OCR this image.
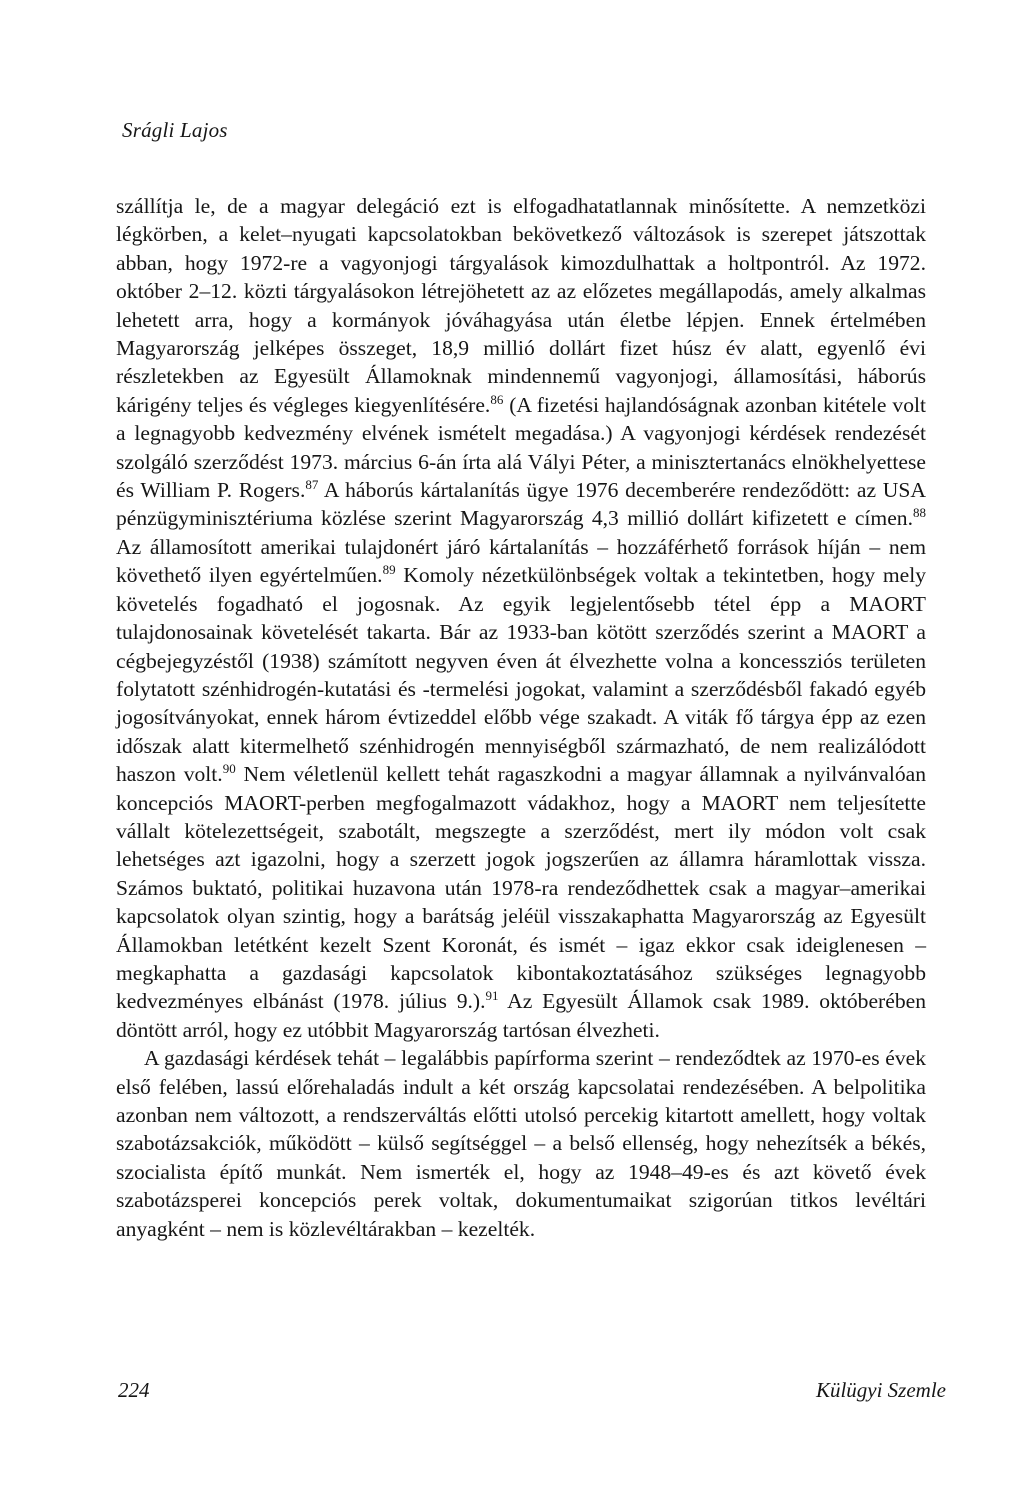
Srágli Lajos

szállítja le, de a magyar delegáció ezt is elfogadhatatlannak minősítette. A nemzetközi légkörben, a kelet–nyugati kapcsolatokban bekövetkező változások is szerepet játszottak abban, hogy 1972-re a vagyonjogi tárgyalások kimozdulhattak a holtpontról. Az 1972. október 2–12. közti tárgyalásokon létrejöhetett az az előzetes megállapodás, amely alkalmas lehetett arra, hogy a kormányok jóváhagyása után életbe lépjen. Ennek értelmében Magyarország jelképes összeget, 18,9 millió dollárt fizet húsz év alatt, egyenlő évi részletekben az Egyesült Államoknak mindennemű vagyonjogi, államosítási, háborús kárigény teljes és végleges kiegyenlítésére.$^{86}$ (A fizetési hajlandóságnak azonban kitétele volt a legnagyobb kedvezmény elvének ismételt megadása.) A vagyonjogi kérdések rendezését szolgáló szerződést 1973. március 6-án írta alá Vályi Péter, a minisztertanács elnökhelyettese és William P. Rogers.$^{87}$ A háborús kártalanítás ügye 1976 decemberére rendeződött: az USA pénzügyminisztériuma közlése szerint Magyarország 4,3 millió dollárt kifizetett e címen.$^{88}$ Az államosított amerikai tulajdonért járó kártalanítás – hozzáférhető források híján – nem követhető ilyen egyértelműen.$^{89}$ Komoly nézetkülönbségek voltak a tekintetben, hogy mely követelés fogadható el jogosnak. Az egyik legjelentősebb tétel épp a MAORT tulajdonosainak követelését takarta. Bár az 1933-ban kötött szerződés szerint a MAORT a cégbejegyzéstől (1938) számított negyven éven át élvezhette volna a koncessziós területen folytatott szénhidrogén-kutatási és -termelési jogokat, valamint a szerződésből fakadó egyéb jogosítványokat, ennek három évtizeddel előbb vége szakadt. A viták fő tárgya épp az ezen időszak alatt kitermelhető szénhidrogén mennyiségből származható, de nem realizálódott haszon volt.$^{90}$ Nem véletlenül kellett tehát ragaszkodni a magyar államnak a nyilvánvalóan koncepciós MAORT-perben megfogalmazott vádakhoz, hogy a MAORT nem teljesítette vállalt kötelezettségeit, szabotált, megszegte a szerződést, mert ily módon volt csak lehetséges azt igazolni, hogy a szerzett jogok jogszerűen az államra háramlottak vissza. Számos buktató, politikai huzavona után 1978-ra rendeződhettek csak a magyar–amerikai kapcsolatok olyan szintig, hogy a barátság jeléül visszakaphatta Magyarország az Egyesült Államokban letétként kezelt Szent Koronát, és ismét – igaz ekkor csak ideiglenesen – megkaphatta a gazdasági kapcsolatok kibontakoztatásához szükséges legnagyobb kedvezményes elbánást (1978. július 9.).$^{91}$ Az Egyesült Államok csak 1989. októberében döntött arról, hogy ez utóbbit Magyarország tartósan élvezheti.

A gazdasági kérdések tehát – legalábbis papírforma szerint – rendeződtek az 1970-es évek első felében, lassú előrehaladás indult a két ország kapcsolatai rendezésében. A belpolitika azonban nem változott, a rendszerváltás előtti utolsó percekig kitartott amellett, hogy voltak szabotázsakciók, működött – külső segítséggel – a belső ellenség, hogy nehezítsék a békés, szocialista építő munkát. Nem ismerték el, hogy az 1948–49-es és azt követő évek szabotázsperei koncepciós perek voltak, dokumentumaikat szigorúan titkos levéltári anyagként – nem is közlevéltárakban – kezelték.

224	Külügyi Szemle
